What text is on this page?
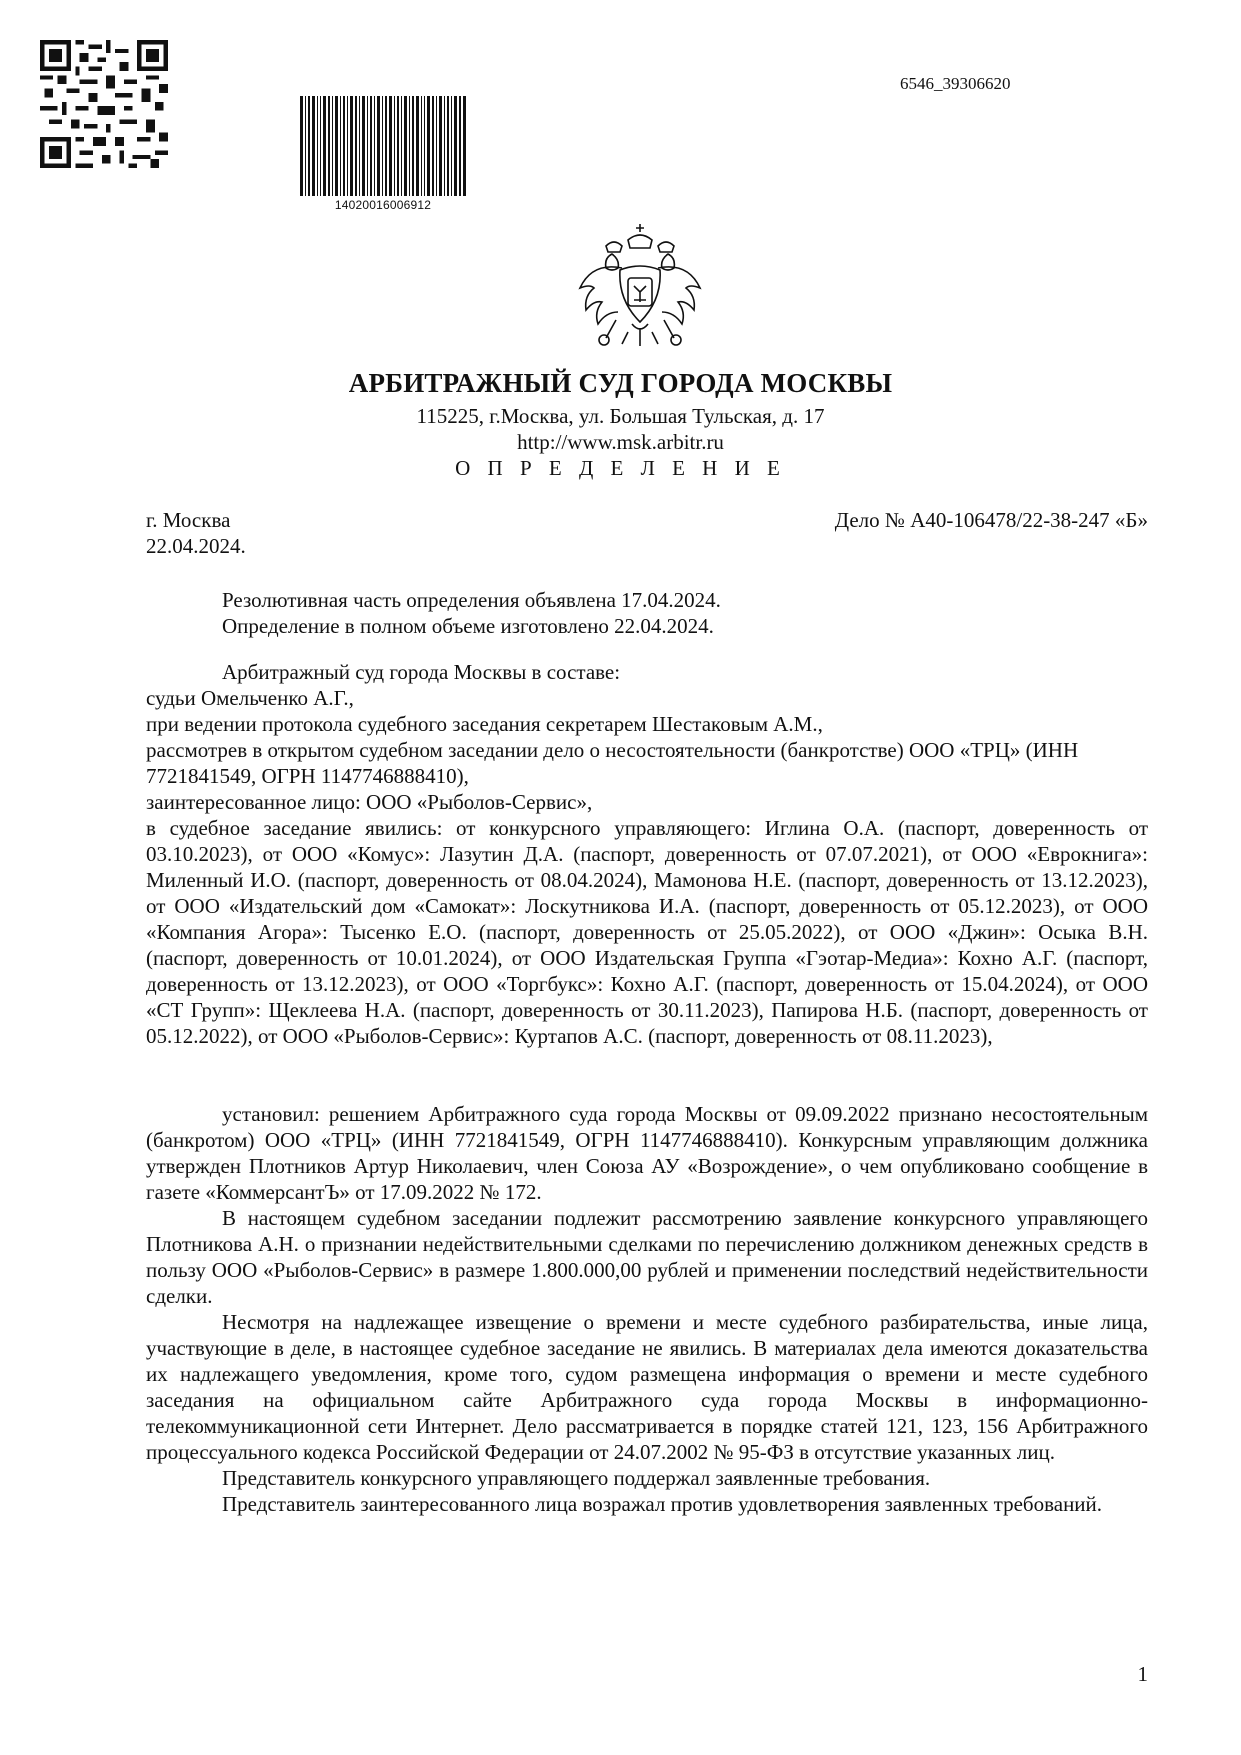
6546_39306620
14020016006912
АРБИТРАЖНЫЙ СУД ГОРОДА МОСКВЫ
115225, г.Москва, ул. Большая Тульская, д. 17
http://www.msk.arbitr.ru
О П Р Е Д Е Л Е Н И Е
г. Москва
22.04.2024.
Дело № А40-106478/22-38-247 «Б»

Резолютивная часть определения объявлена 17.04.2024.

Определение в полном объеме изготовлено 22.04.2024.

Арбитражный суд города Москвы в составе:

судьи Омельченко А.Г.,

при ведении протокола судебного заседания секретарем Шестаковым А.М.,

рассмотрев в открытом судебном заседании дело о несостоятельности (банкротстве) ООО «ТРЦ» (ИНН 7721841549, ОГРН 1147746888410),

заинтересованное лицо: ООО «Рыболов-Сервис»,

в судебное заседание явились: от конкурсного управляющего: Иглина О.А. (паспорт, доверенность от 03.10.2023), от ООО «Комус»: Лазутин Д.А. (паспорт, доверенность от 07.07.2021), от ООО «Еврокнига»: Миленный И.О. (паспорт, доверенность от 08.04.2024), Мамонова Н.Е. (паспорт, доверенность от 13.12.2023), от ООО «Издательский дом «Самокат»: Лоскутникова И.А. (паспорт, доверенность от 05.12.2023), от ООО «Компания Агора»: Тысенко Е.О. (паспорт, доверенность от 25.05.2022), от ООО «Джин»: Осыка В.Н. (паспорт, доверенность от 10.01.2024), от ООО Издательская Группа «Гэотар-Медиа»: Кохно А.Г. (паспорт, доверенность от 13.12.2023), от ООО «Торгбукс»: Кохно А.Г. (паспорт, доверенность от 15.04.2024), от ООО «СТ Групп»: Щеклеева Н.А. (паспорт, доверенность от 30.11.2023), Папирова Н.Б. (паспорт, доверенность от 05.12.2022), от ООО «Рыболов-Сервис»: Куртапов А.С. (паспорт, доверенность от 08.11.2023),

установил: решением Арбитражного суда города Москвы от 09.09.2022 признано несостоятельным (банкротом) ООО «ТРЦ» (ИНН 7721841549, ОГРН 1147746888410). Конкурсным управляющим должника утвержден Плотников Артур Николаевич, член Союза АУ «Возрождение», о чем опубликовано сообщение в газете «КоммерсантЪ» от 17.09.2022 № 172.

В настоящем судебном заседании подлежит рассмотрению заявление конкурсного управляющего Плотникова А.Н. о признании недействительными сделками по перечислению должником денежных средств в пользу ООО «Рыболов-Сервис» в размере 1.800.000,00 рублей и применении последствий недействительности сделки.

Несмотря на надлежащее извещение о времени и месте судебного разбирательства, иные лица, участвующие в деле, в настоящее судебное заседание не явились. В материалах дела имеются доказательства их надлежащего уведомления, кроме того, судом размещена информация о времени и месте судебного заседания на официальном сайте Арбитражного суда города Москвы в информационно-телекоммуникационной сети Интернет. Дело рассматривается в порядке статей 121, 123, 156 Арбитражного процессуального кодекса Российской Федерации от 24.07.2002 № 95-ФЗ в отсутствие указанных лиц.

Представитель конкурсного управляющего поддержал заявленные требования.

Представитель заинтересованного лица возражал против удовлетворения заявленных требований.

1
